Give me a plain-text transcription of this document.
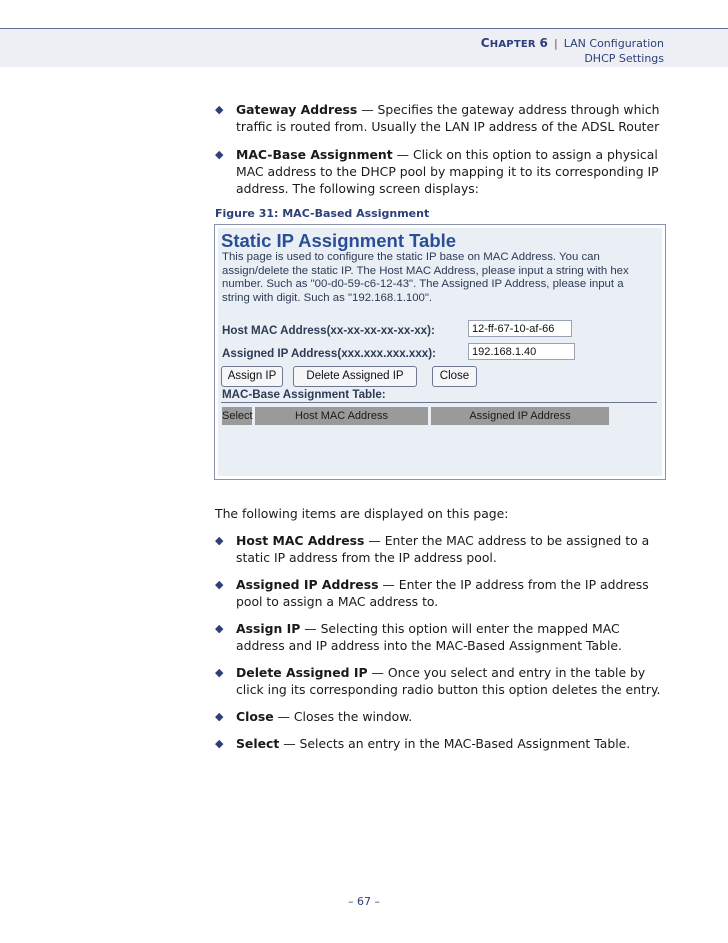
CHAPTER 6 | LAN Configuration
DHCP Settings
◆ Gateway Address — Specifies the gateway address through which traffic is routed from. Usually the LAN IP address of the ADSL Router
◆ MAC-Base Assignment — Click on this option to assign a physical MAC address to the DHCP pool by mapping it to its corresponding IP address. The following screen displays:
Figure 31: MAC-Based Assignment
Static IP Assignment Table
This page is used to configure the static IP base on MAC Address. You can assign/delete the static IP. The Host MAC Address, please input a string with hex number. Such as "00-d0-59-c6-12-43". The Assigned IP Address, please input a string with digit. Such as "192.168.1.100".
Host MAC Address(xx-xx-xx-xx-xx-xx):	12-ff-67-10-af-66
Assigned IP Address(xxx.xxx.xxx.xxx):	192.168.1.40
Assign IP	Delete Assigned IP	Close
MAC-Base Assignment Table:
Select	Host MAC Address	Assigned IP Address
The following items are displayed on this page:
◆ Host MAC Address — Enter the MAC address to be assigned to a static IP address from the IP address pool.
◆ Assigned IP Address — Enter the IP address from the IP address pool to assign a MAC address to.
◆ Assign IP — Selecting this option will enter the mapped MAC address and IP address into the MAC-Based Assignment Table.
◆ Delete Assigned IP — Once you select and entry in the table by click ing its corresponding radio button this option deletes the entry.
◆ Close — Closes the window.
◆ Select — Selects an entry in the MAC-Based Assignment Table.
– 67 –
